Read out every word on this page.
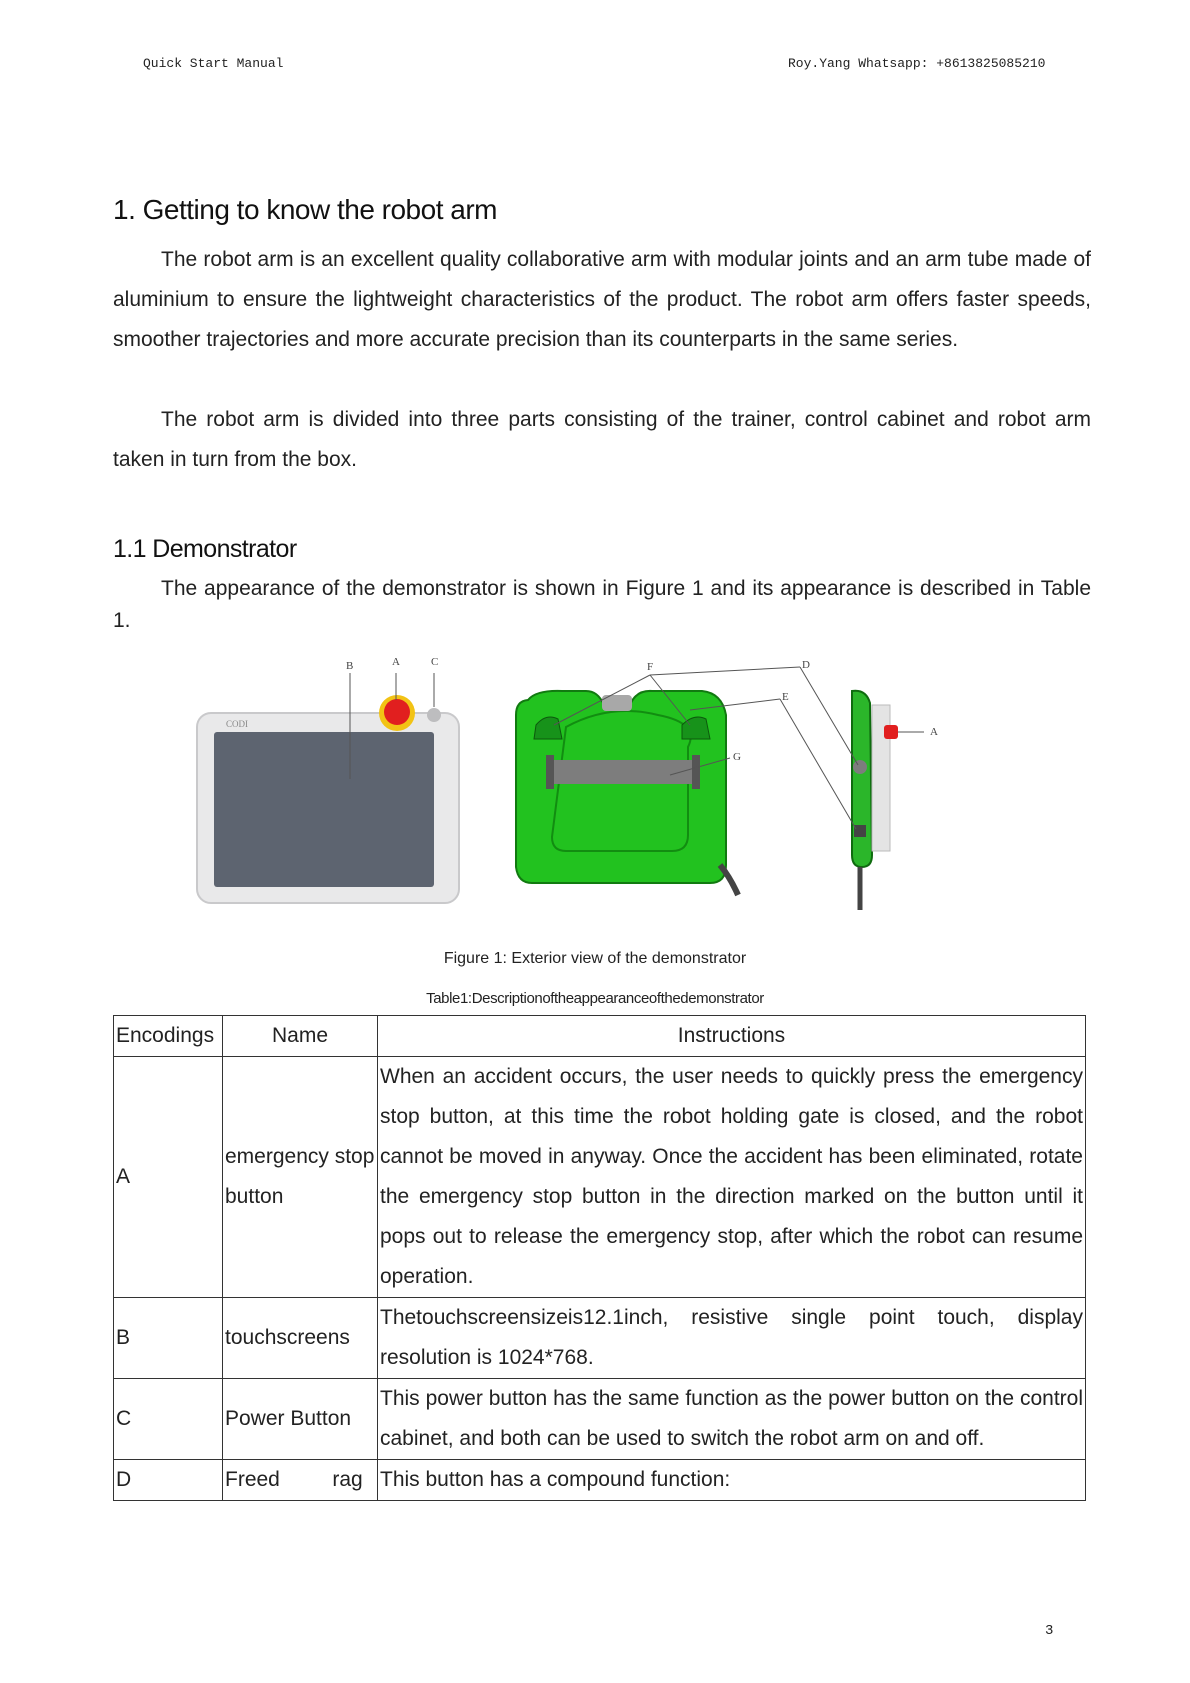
Quick Start Manual	Roy.Yang Whatsapp: +8613825085210
1. Getting to know the robot arm
The robot arm is an excellent quality collaborative arm with modular joints and an arm tube made of aluminium to ensure the lightweight characteristics of the product. The robot arm offers faster speeds, smoother trajectories and more accurate precision than its counterparts in the same series.
The robot arm is divided into three parts consisting of the trainer, control cabinet and robot arm taken in turn from the box.
1.1 Demonstrator
The appearance of the demonstrator is shown in Figure 1 and its appearance is described in Table 1.
CODI
B	A	C	F
G
A
D
E
Figure 1: Exterior view of the demonstrator
Table1:Descriptionoftheappearanceofthedemonstrator
Encodings	Name	Instructions
A	emergency stop button	When an accident occurs, the user needs to quickly press the emergency stop button, at this time the robot holding gate is closed, and the robot cannot be moved in anyway. Once the accident has been eliminated, rotate the emergency stop button in the direction marked on the button until it pops out to release the emergency stop, after which the robot can resume operation.
B	touchscreens	Thetouchscreensizeis12.1inch, resistive single point touch, display resolution is 1024*768.
C	Power Button	This power button has the same function as the power button on the control cabinet, and both can be used to switch the robot arm on and off.
D	Freed         rag	This button has a compound function:
3
